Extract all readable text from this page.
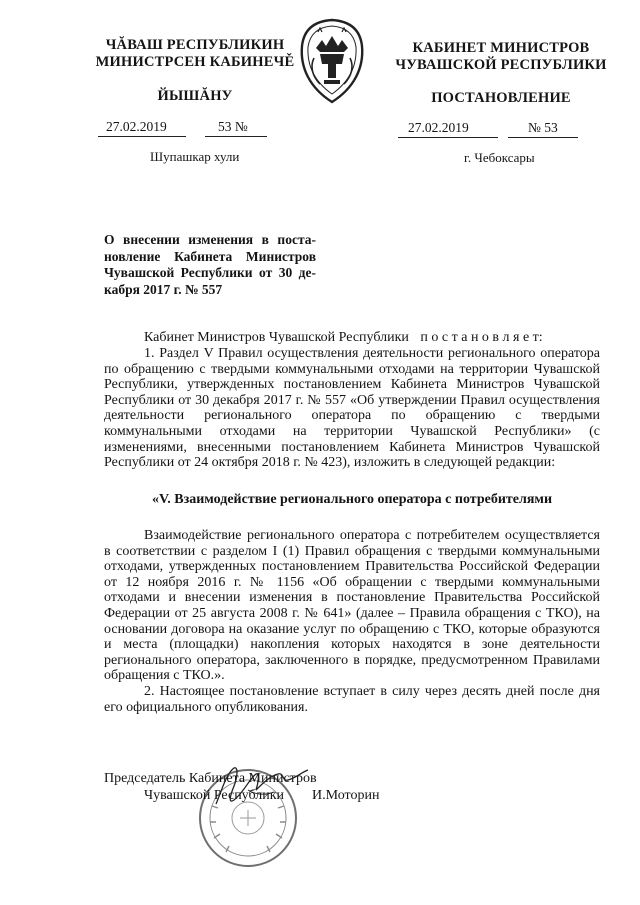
ЧĂВАШ РЕСПУБЛИКИН
МИНИСТРСЕН КАБИНЕЧĚ
ЙЫШĂНУ
КАБИНЕТ МИНИСТРОВ
ЧУВАШСКОЙ РЕСПУБЛИКИ
ПОСТАНОВЛЕНИЕ
27.02.2019	53 №	27.02.2019	№ 53
Шупашкар хули	г. Чебоксары
О внесении изменения в поста-
новление Кабинета Министров
Чувашской Республики от 30 де-
кабря 2017 г. № 557
Кабинет Министров Чувашской Республики п о с т а н о в л я е т:
1. Раздел V Правил осуществления деятельности регионального оператора по обращению с твердыми коммунальными отходами на территории Чувашской Республики, утвержденных постановлением Кабинета Министров Чувашской Республики от 30 декабря 2017 г. № 557 «Об утверждении Правил осуществления деятельности регионального оператора по обращению с твердыми коммунальными отходами на территории Чувашской Республики» (с изменениями, внесенными постановлением Кабинета Министров Чувашской Республики от 24 октября 2018 г. № 423), изложить в следующей редакции:
«V. Взаимодействие регионального оператора с потребителями
Взаимодействие регионального оператора с потребителем осуществляется в соответствии с разделом I (1) Правил обращения с твердыми коммунальными отходами, утвержденных постановлением Правительства Российской Федерации от 12 ноября 2016 г. № 1156 «Об обращении с твердыми коммунальными отходами и внесении изменения в постановление Правительства Российской Федерации от 25 августа 2008 г. № 641» (далее – Правила обращения с ТКО), на основании договора на оказание услуг по обращению с ТКО, которые образуются и места (площадки) накопления которых находятся в зоне деятельности регионального оператора, заключенного в порядке, предусмотренном Правилами обращения с ТКО.».
2. Настоящее постановление вступает в силу через десять дней после дня его официального опубликования.
Председатель Кабинета Министров
Чувашской Республики И.Моторин
